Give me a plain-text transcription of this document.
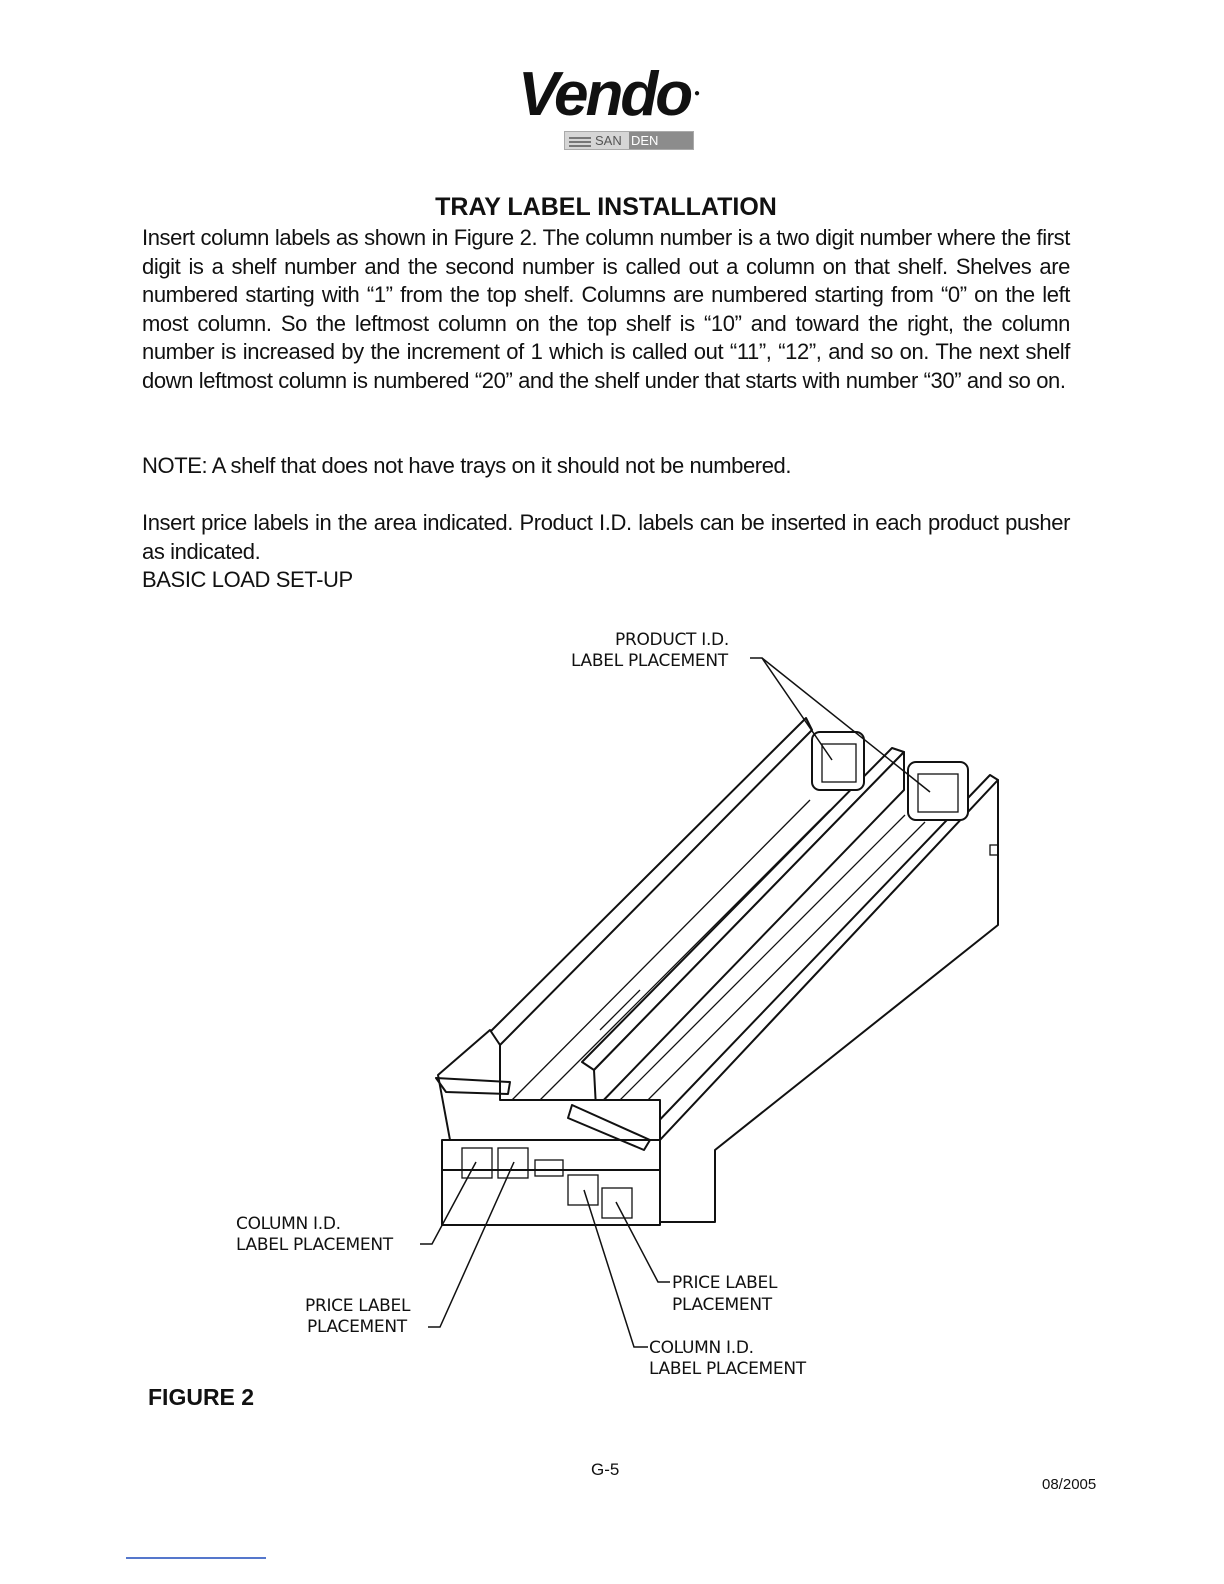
Vendo ●
SAN DEN
TRAY LABEL INSTALLATION

Insert column labels as shown in Figure 2. The column number is a two digit number where the first digit is a shelf number and the second number is called out a column on that shelf. Shelves are numbered starting with “1” from the top shelf. Columns are numbered starting from “0” on the left most column. So the leftmost column on the top shelf is “10” and toward the right, the column number is increased by the increment of 1 which is called out “11”, “12”, and so on. The next shelf down leftmost column is numbered “20” and the shelf under that starts with number “30” and so on.

NOTE: A shelf that does not have trays on it should not be numbered.

Insert price labels in the area indicated. Product I.D. labels can be inserted in each product pusher as indicated.

BASIC LOAD SET-UP

PRODUCT I.D.
LABEL PLACEMENT
COLUMN I.D.
LABEL PLACEMENT
PRICE LABEL
PLACEMENT
PRICE LABEL
PLACEMENT
COLUMN I.D.
LABEL PLACEMENT
FIGURE 2
G-5
08/2005
